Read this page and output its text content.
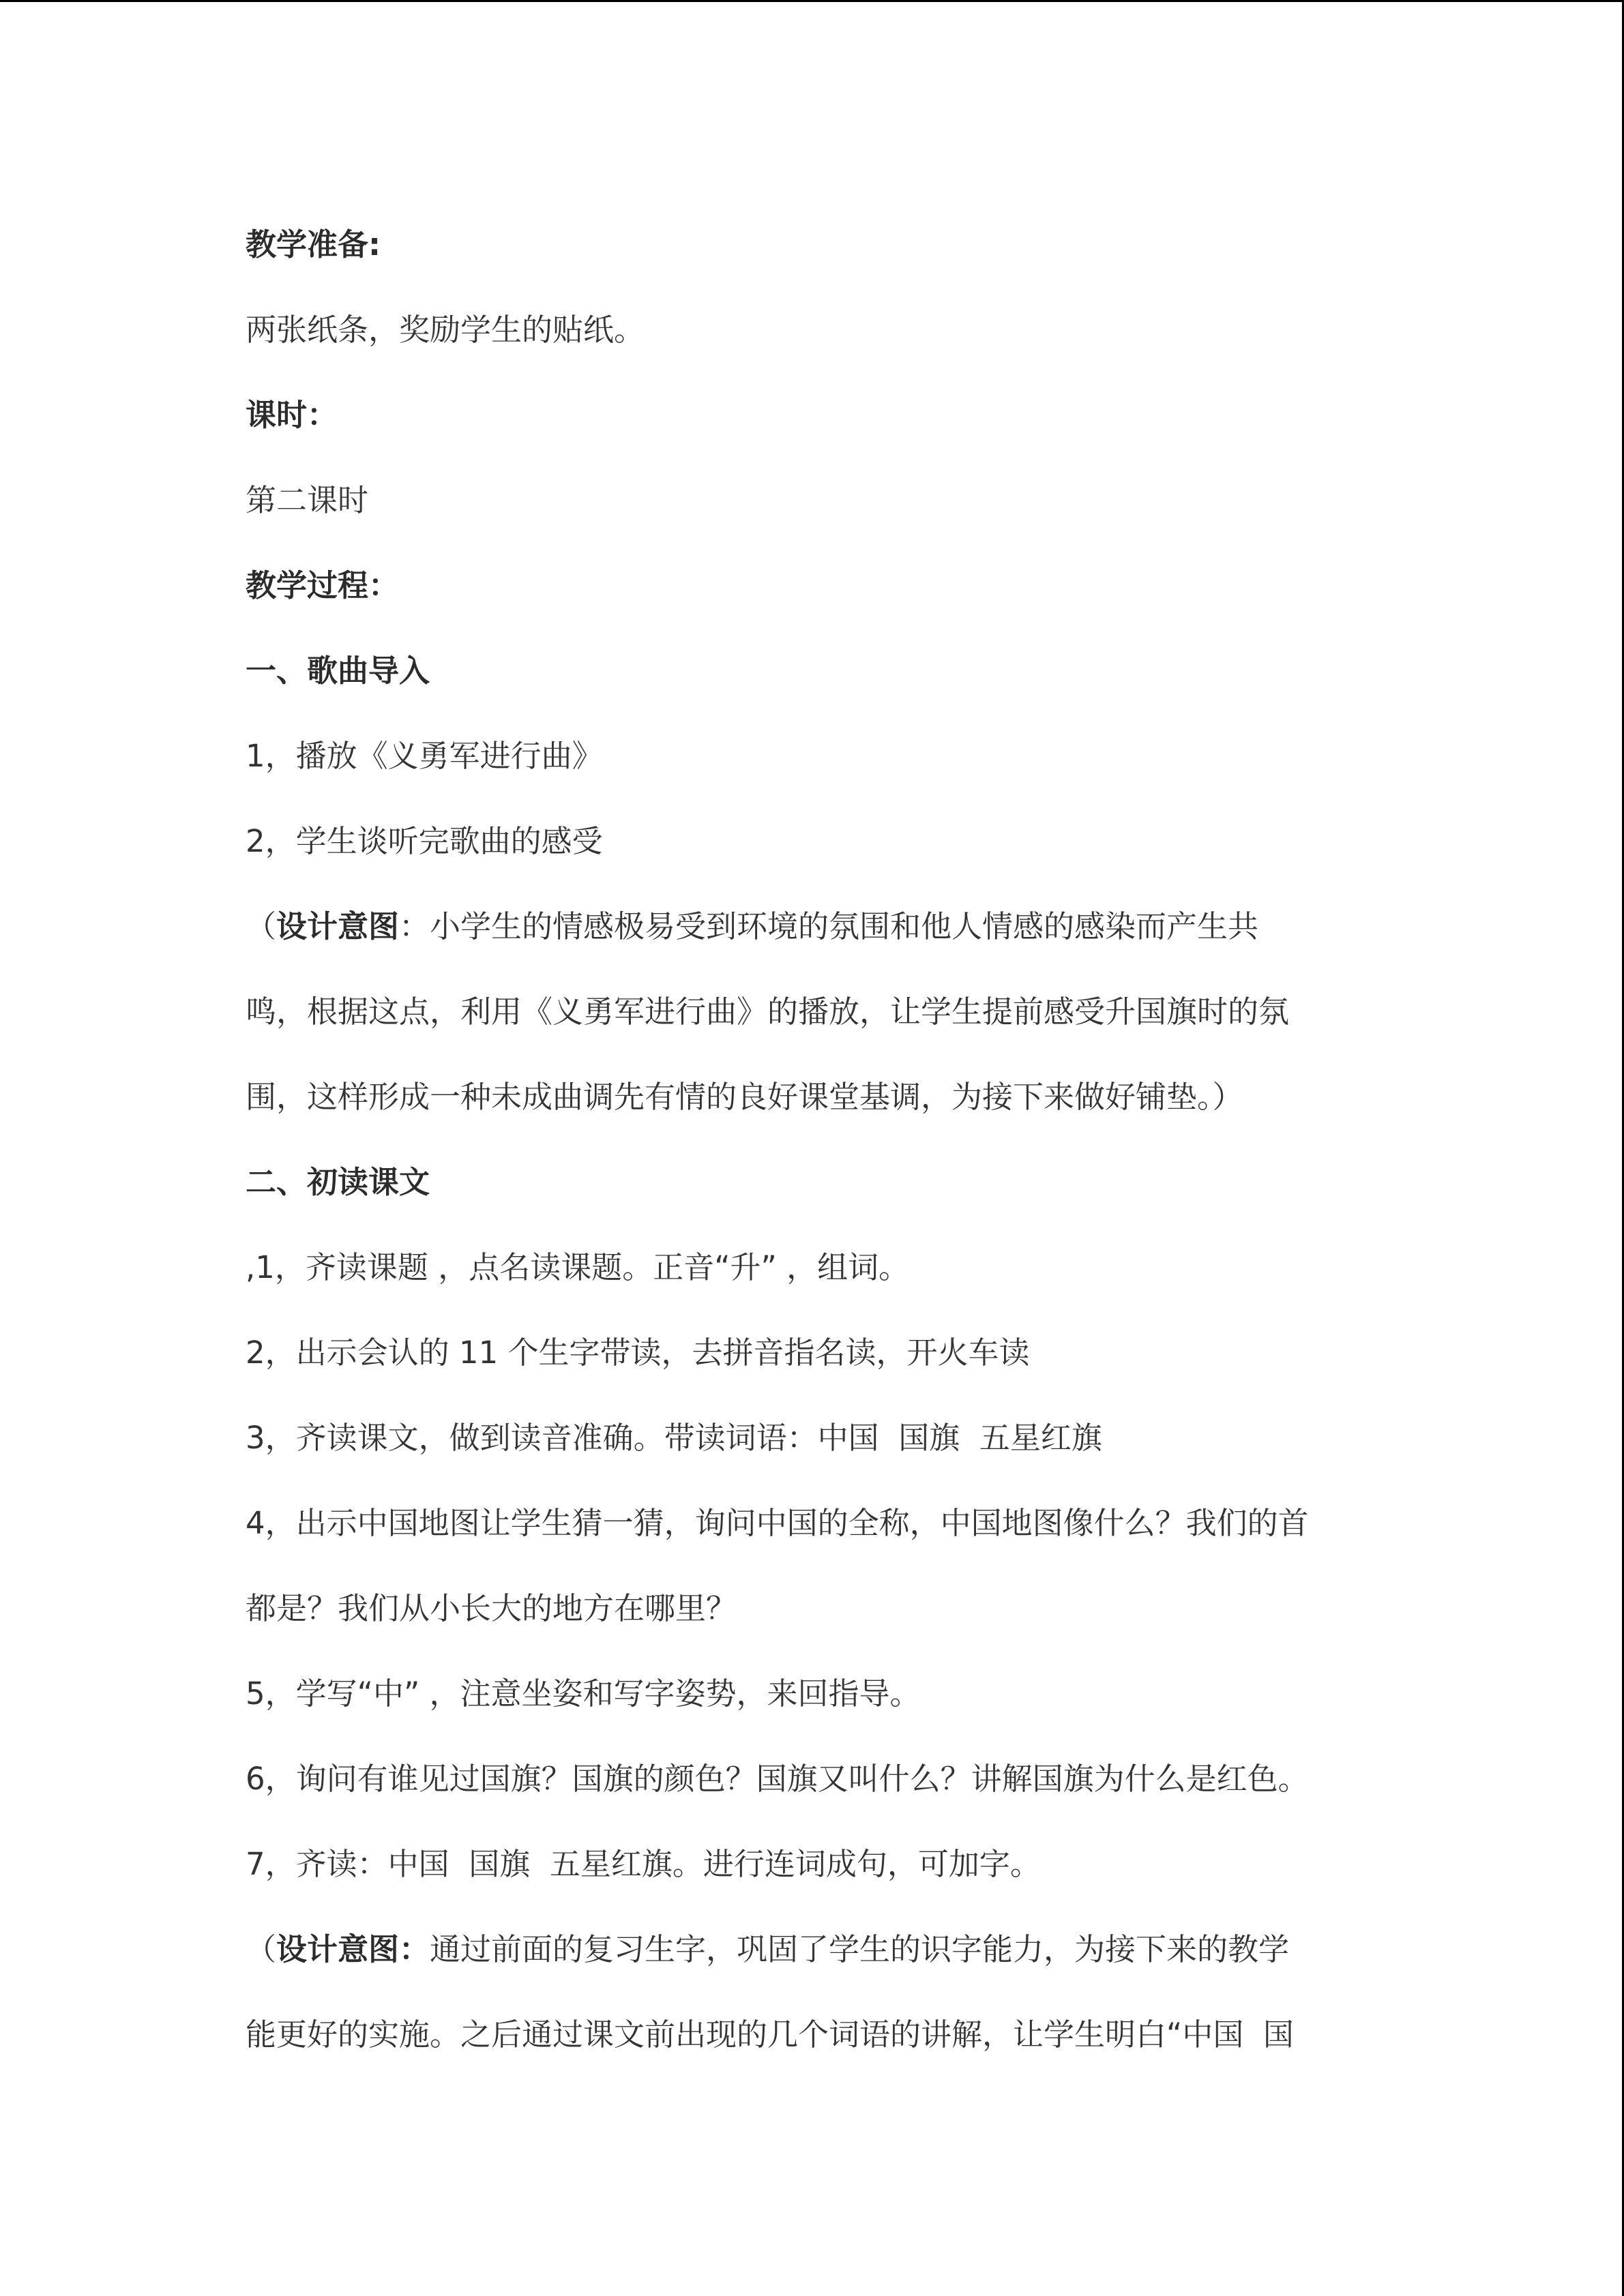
教学准备:

两张纸条，奖励学生的贴纸。

课时：

第二课时

教学过程：

一、歌曲导入

1，播放《义勇军进行曲》

2，学生谈听完歌曲的感受

（设计意图：小学生的情感极易受到环境的氛围和他人情感的感染而产生共

鸣，根据这点，利用《义勇军进行曲》的播放，让学生提前感受升国旗时的氛

围，这样形成一种未成曲调先有情的良好课堂基调，为接下来做好铺垫。）

二、初读课文

,1，齐读课题 ，点名读课题。正音“升” ，组词。

2，出示会认的 11 个生字带读，去拼音指名读，开火车读

3，齐读课文，做到读音准确。带读词语：中国  国旗  五星红旗

4，出示中国地图让学生猜一猜，询问中国的全称，中国地图像什么？我们的首

都是？我们从小长大的地方在哪里？

5，学写“中” ，注意坐姿和写字姿势，来回指导。

6，询问有谁见过国旗？国旗的颜色？国旗又叫什么？讲解国旗为什么是红色。

7，齐读：中国  国旗  五星红旗。进行连词成句，可加字。

（设计意图：通过前面的复习生字，巩固了学生的识字能力，为接下来的教学

能更好的实施。之后通过课文前出现的几个词语的讲解，让学生明白“中国  国
